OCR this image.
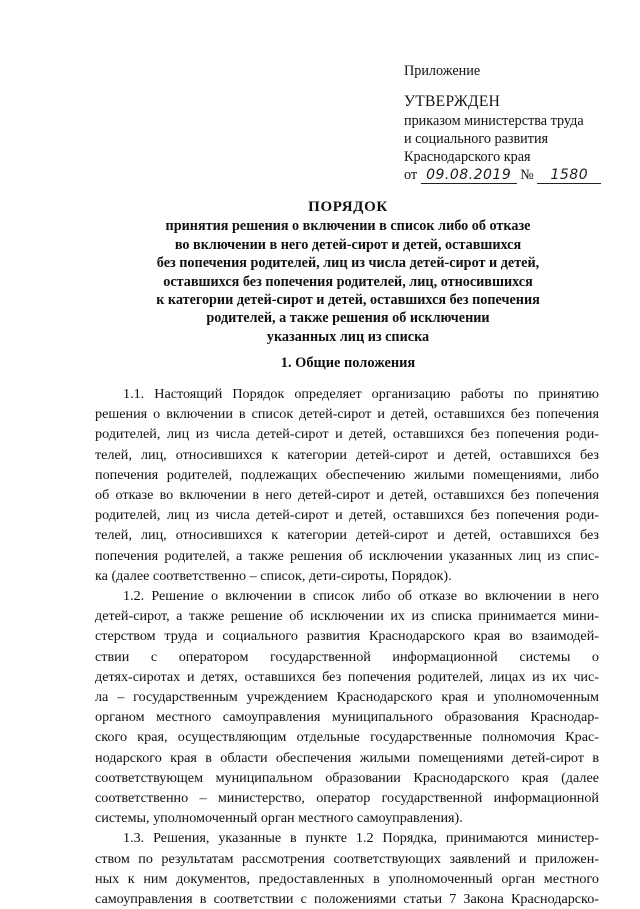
Приложение
УТВЕРЖДЕН
приказом министерства труда
и социального развития
Краснодарского края
от 09.08.2019 № 1580
ПОРЯДОК
принятия решения о включении в список либо об отказе
во включении в него детей-сирот и детей, оставшихся
без попечения родителей, лиц из числа детей-сирот и детей,
оставшихся без попечения родителей, лиц, относившихся
к категории детей-сирот и детей, оставшихся без попечения
родителей, а также решения об исключении
указанных лиц из списка
1. Общие положения
1.1. Настоящий Порядок определяет организацию работы по принятию
решения о включении в список детей-сирот и детей, оставшихся без попечения
родителей, лиц из числа детей-сирот и детей, оставшихся без попечения роди-
телей, лиц, относившихся к категории детей-сирот и детей, оставшихся без
попечения родителей, подлежащих обеспечению жилыми помещениями, либо
об отказе во включении в него детей-сирот и детей, оставшихся без попечения
родителей, лиц из числа детей-сирот и детей, оставшихся без попечения роди-
телей, лиц, относившихся к категории детей-сирот и детей, оставшихся без
попечения родителей, а также решения об исключении указанных лиц из спис-
ка (далее соответственно – список, дети-сироты, Порядок).
1.2. Решение о включении в список либо об отказе во включении в него
детей-сирот, а также решение об исключении их из списка принимается мини-
стерством труда и социального развития Краснодарского края во взаимодей-
ствии с оператором государственной информационной системы о
детях-сиротах и детях, оставшихся без попечения родителей, лицах из их чис-
ла – государственным учреждением Краснодарского края и уполномоченным
органом местного самоуправления муниципального образования Краснодар-
ского края, осуществляющим отдельные государственные полномочия Крас-
нодарского края в области обеспечения жилыми помещениями детей-сирот в
соответствующем муниципальном образовании Краснодарского края (далее
соответственно – министерство, оператор государственной информационной
системы, уполномоченный орган местного самоуправления).
1.3. Решения, указанные в пункте 1.2 Порядка, принимаются министер-
ством по результатам рассмотрения соответствующих заявлений и приложен-
ных к ним документов, предоставленных в уполномоченный орган местного
самоуправления в соответствии с положениями статьи 7 Закона Краснодарско-
